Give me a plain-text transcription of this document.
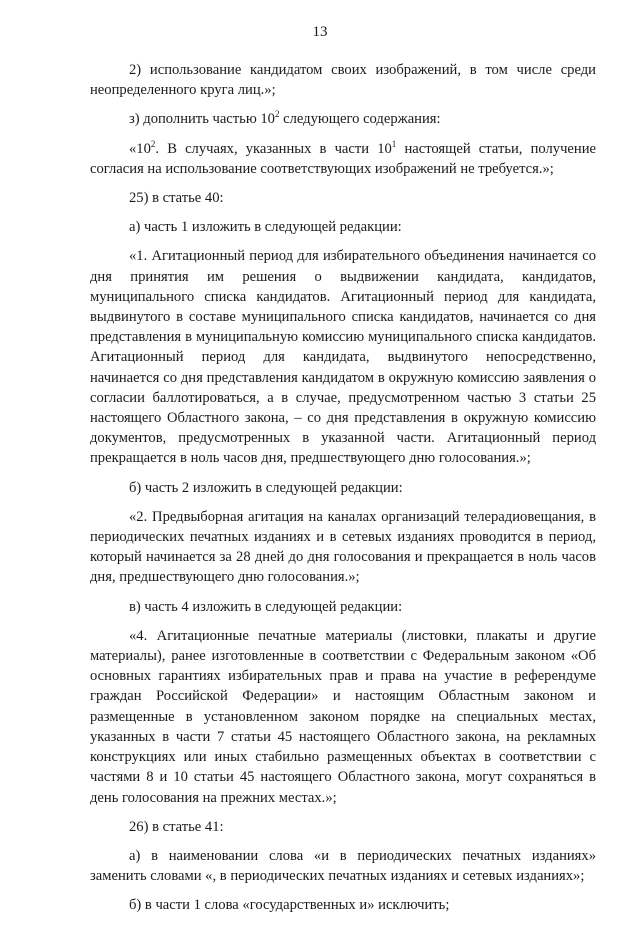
13

2) использование кандидатом своих изображений, в том числе среди неопределенного круга лиц.»;

з) дополнить частью $10^2$ следующего содержания:

«$10^2$. В случаях, указанных в части $10^1$ настоящей статьи, получение согласия на использование соответствующих изображений не требуется.»;

25) в статье 40:

а) часть 1 изложить в следующей редакции:

«1. Агитационный период для избирательного объединения начинается со дня принятия им решения о выдвижении кандидата, кандидатов, муниципального списка кандидатов. Агитационный период для кандидата, выдвинутого в составе муниципального списка кандидатов, начинается со дня представления в муниципальную комиссию муниципального списка кандидатов. Агитационный период для кандидата, выдвинутого непосредственно, начинается со дня представления кандидатом в окружную комиссию заявления о согласии баллотироваться, а в случае, предусмотренном частью 3 статьи 25 настоящего Областного закона, – со дня представления в окружную комиссию документов, предусмотренных в указанной части. Агитационный период прекращается в ноль часов дня, предшествующего дню голосования.»;

б) часть 2 изложить в следующей редакции:

«2. Предвыборная агитация на каналах организаций телерадиовещания, в периодических печатных изданиях и в сетевых изданиях проводится в период, который начинается за 28 дней до дня голосования и прекращается в ноль часов дня, предшествующего дню голосования.»;

в) часть 4 изложить в следующей редакции:

«4. Агитационные печатные материалы (листовки, плакаты и другие материалы), ранее изготовленные в соответствии с Федеральным законом «Об основных гарантиях избирательных прав и права на участие в референдуме граждан Российской Федерации» и настоящим Областным законом и размещенные в установленном законом порядке на специальных местах, указанных в части 7 статьи 45 настоящего Областного закона, на рекламных конструкциях или иных стабильно размещенных объектах в соответствии с частями 8 и 10 статьи 45 настоящего Областного закона, могут сохраняться в день голосования на прежних местах.»;

26) в статье 41:

а) в наименовании слова «и в периодических печатных изданиях» заменить словами «, в периодических печатных изданиях и сетевых изданиях»;

б) в части 1 слова «государственных и» исключить;
